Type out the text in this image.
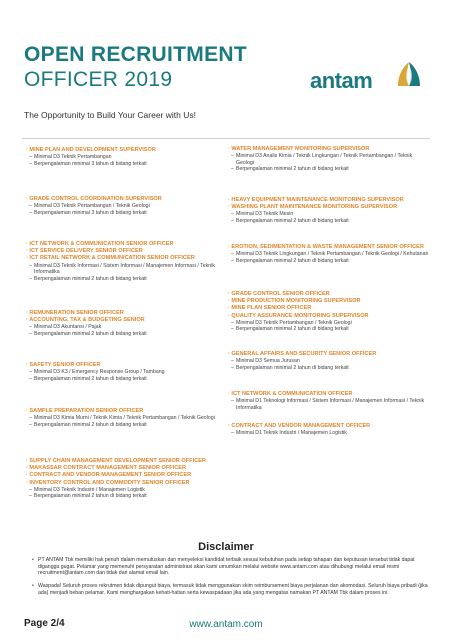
OPEN RECRUITMENT
OFFICER 2019
The Opportunity to Build Your Career with Us!
antam
· MINE PLAN AND DEVELOPMENT SUPERVISOR
– Minimal D3 Teknik Pertambangan
– Berpengalaman minimal 3 tahun di bidang terkait
· GRADE CONTROL COORDINATION SUPERVISOR
– Minimal D3 Teknik Pertambangan / Teknik Geologi
– Berpengalaman minimal 3 tahun di bidang terkait
· ICT NETWORK & COMMUNICATION SENIOR OFFICER
· ICT SERVICE DELIVERY SENIOR OFFICER
· ICT RETAIL NETWORK & COMMUNICATION SENIOR OFFICER
– Minimal D3 Teknik Informasi / Sistem Informasi / Manajemen Informasi / Teknik Informatika
– Berpengalaman minimal 2 tahun di bidang terkait
· REMUNERATION SENIOR OFFICER
· ACCOUNTING, TAX & BUDGETING SENIOR
– Minimal D3 Akuntansi / Pajak
– Berpengalaman minimal 2 tahun di bidang terkait
· SAFETY SENIOR OFFICER
– Minimal D3 K3 / Emergency Response Group / Tambang
– Berpengalaman minimal 2 tahun di bidang terkait
· SAMPLE PREPARATION SENIOR OFFICER
– Minimal D3 Kimia Murni / Teknik Kimia / Teknik Pertambangan / Teknik Geologi
– Berpengalaman minimal 2 tahun di bidang terkait
· SUPPLY CHAIN MANAGEMENT DEVELOPMENT SENIOR OFFICER
· MAKASSAR CONTRACT MANAGEMENT SENIOR OFFICER
· CONTRACT AND VENDOR MANAGEMENT SENIOR OFFICER
· INVENTORY CONTROL AND COMMODITY SENIOR OFFICER
– Minimal D3 Teknik Industri / Manajemen Logistik
– Berpengalaman minimal 2 tahun di bidang terkait
· WATER MANAGEMENT MONITORING SUPERVISOR
– Minimal D3 Analis Kimia / Teknik Lingkungan / Teknik Pertambangan / Teknik Geologi
– Berpengalaman minimal 2 tahun di bidang terkait
· HEAVY EQUIPMENT MAINTENANCE MONITORING SUPERVISOR
· WASHING PLANT MAINTENANCE MONITORING SUPERVISOR
– Minimal D3 Teknik Mesin
– Berpengalaman minimal 2 tahun di bidang terkait
· EROTION, SEDIMENTATION & WASTE MANAGEMENT SENIOR OFFICER
– Minimal D3 Teknik Lingkungan / Teknik Pertambangan / Teknik Geologi / Kehutanan
– Berpengalaman minimal 2 tahun di bidang terkait
· GRADE CONTROL SENIOR OFFICER
· MINE PRODUCTION MONITORING SUPERVISOR
· MINE PLAN SENIOR OFFICER
· QUALITY ASSURANCE MONITORING SUPERVISOR
– Minimal D3 Teknik Pertambangan / Teknik Geologi
– Berpengalaman minimal 2 tahun di bidang terkait
· GENERAL AFFAIRS AND SECURITY SENIOR OFFICER
– Minimal D3 Semua Jurusan
– Berpengalaman minimal 2 tahun di bidang terkait
· ICT NETWORK & COMMUNICATION OFFICER
– Minimal D1 Teknologi Informasi / Sistem Informasi / Manajemen Informasi / Teknik Informatika
· CONTRACT AND VENDOR MANAGEMENT OFFICER
– Minimal D1 Teknik Industri / Manajemen Logistik
Disclaimer
• PT ANTAM Tbk memiliki hak penuh dalam memutuskan dan menyeleksi kandidat terbaik sesuai kebutuhan pada setiap tahapan dan keputusan tersebut tidak dapat diganggu gugat. Pelamar yang memenuhi persyaratan administrasi akan kami umumkan melalui website www.antam.com atau dihubungi melalui email resmi recruitment@antam.com dan tidak dari alamat email lain.
• Waspada! Seluruh proses rekrutmen tidak dipungut biaya, termasuk tidak menggunakan skim reimbursement biaya perjalanan dan akomodasi. Seluruh biaya pribadi (jika ada) menjadi beban pelamar. Kami menghargakan kehati-hatian serta kewaspadaan jika ada yang mengatas namakan PT ANTAM Tbk dalam proses ini.
Page 2/4	www.antam.com
